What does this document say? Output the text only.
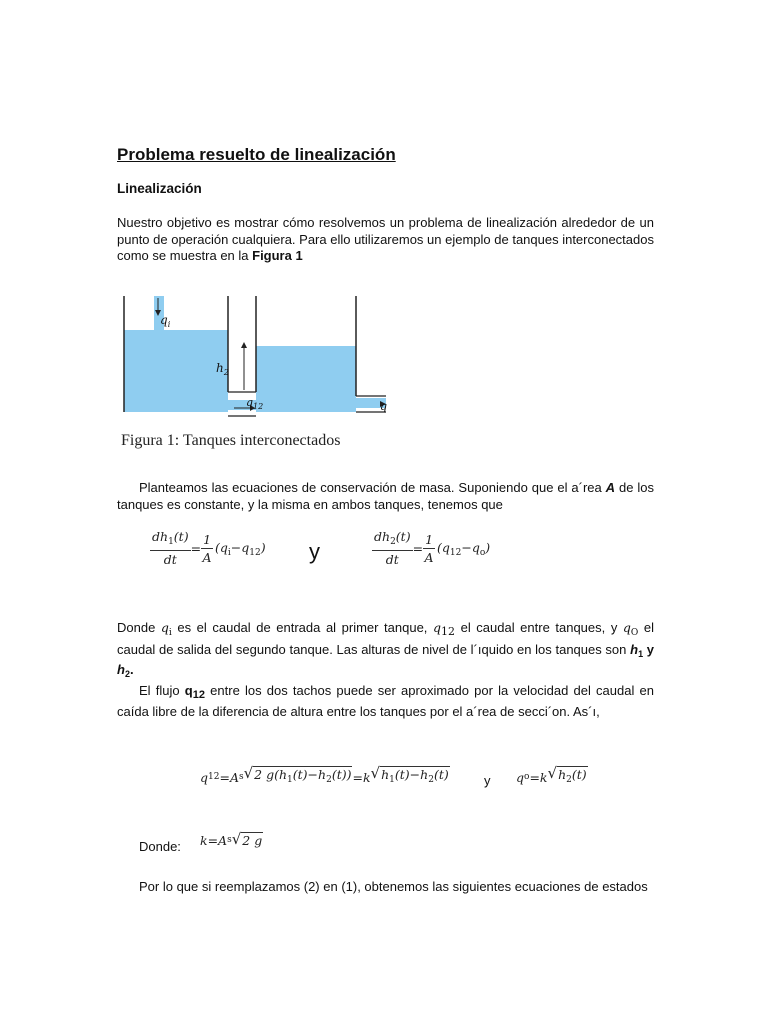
Problema resuelto de linealización
Linealización
Nuestro objetivo es mostrar cómo resolvemos un problema de linealización alrededor de un punto de operación cualquiera. Para ello utilizaremos un ejemplo de tanques interconectados como se muestra en la Figura 1
$q_i$
$h_2$
$q_{12}$	q
Figura 1: Tanques interconectados
Planteamos las ecuaciones de conservación de masa. Suponiendo que el a´rea A de los tanques es constante, y la misma en ambos tanques, tenemos que
$\frac{dh_1(t)}{dt} = \frac{1}{A} (q_i-q_{12})$ y	$\frac{dh_2(t)}{dt} = \frac{1}{A} (q_{12}-q_o)$
Donde $q_i$ es el caudal de entrada al primer tanque, q12 el caudal entre tanques, y $q_O$ el caudal de salida del segundo tanque. Las alturas de nivel de l´ıquido en los tanques son $h_1$ y $h_2$.
El flujo $q_{12}$ entre los dos tachos puede ser aproximado por la velocidad del caudal en caída libre de la diferencia de altura entre los tanques por el a´rea de secci´on. As´ı,
q 12 =A s √ 2 $g(h_1(t)-h_2(t)) =k$ √ $h_1(t)-h_2(t)$	y q o =k √ $h_2(t)$
Donde: k=A s √ 2 g
Por lo que si reemplazamos (2) en (1), obtenemos las siguientes ecuaciones de estados
